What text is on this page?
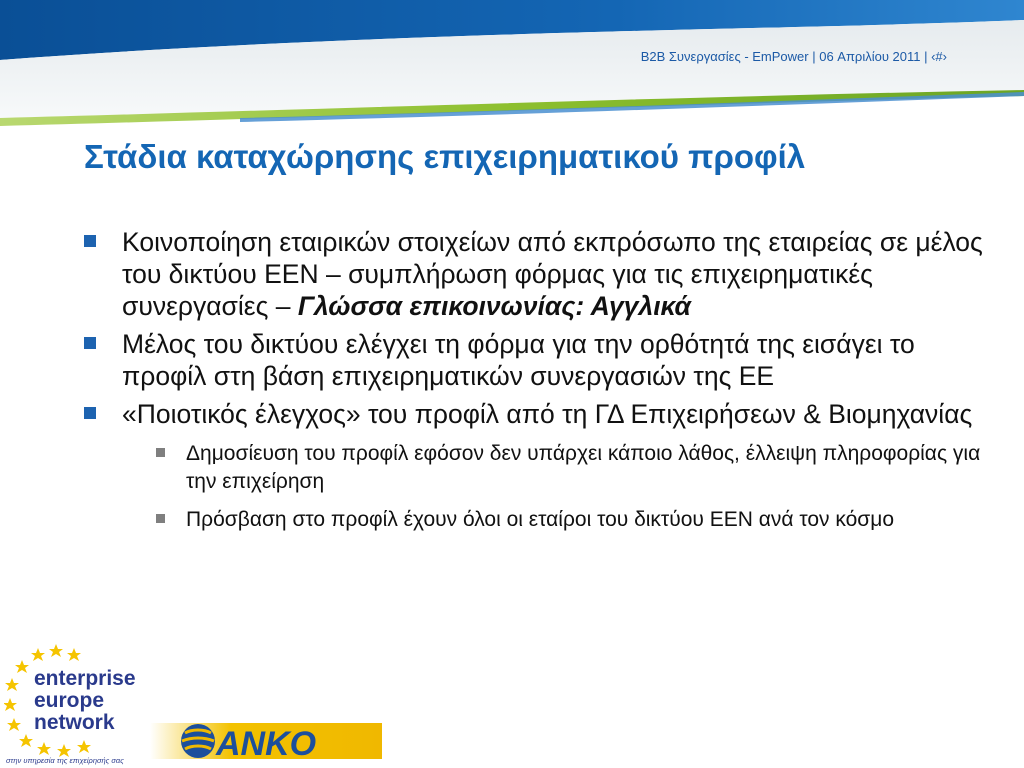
B2B Συνεργασίες - EmPower | 06 Απριλίου 2011 | ‹#›
Στάδια καταχώρησης επιχειρηματικού προφίλ
Κοινοποίηση εταιρικών στοιχείων από εκπρόσωπο της εταιρείας σε μέλος του δικτύου EEN – συμπλήρωση φόρμας για τις επιχειρηματικές συνεργασίες – Γλώσσα επικοινωνίας: Αγγλικά
Μέλος του δικτύου ελέγχει τη φόρμα για την ορθότητά της εισάγει το προφίλ στη βάση επιχειρηματικών συνεργασιών της ΕΕ
«Ποιοτικός έλεγχος» του προφίλ από τη ΓΔ Επιχειρήσεων & Βιομηχανίας
Δημοσίευση του προφίλ εφόσον δεν υπάρχει κάποιο λάθος, έλλειψη πληροφορίας για την επιχείρηση
Πρόσβαση στο προφίλ έχουν όλοι οι εταίροι του δικτύου EEN ανά τον κόσμο
enterprise
europe
network
στην υπηρεσία της επιχείρησής σας	ANKO
